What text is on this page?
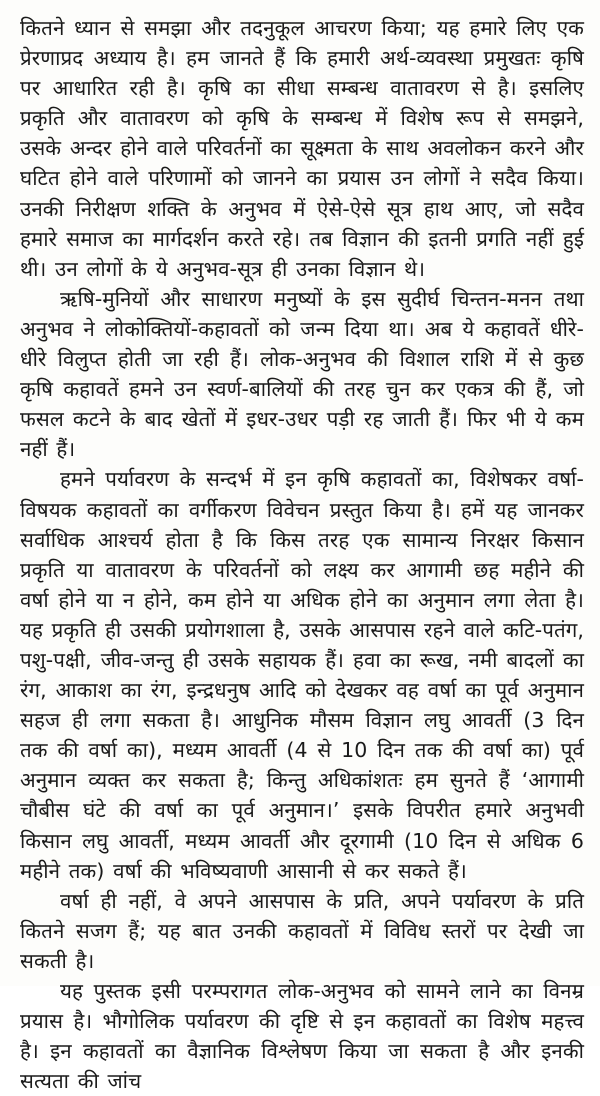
कितने ध्यान से समझा और तदनुकूल आचरण किया; यह हमारे लिए एक प्रेरणाप्रद अध्याय है। हम जानते हैं कि हमारी अर्थ-व्यवस्था प्रमुखतः कृषि पर आधारित रही है। कृषि का सीधा सम्बन्ध वातावरण से है। इसलिए प्रकृति और वातावरण को कृषि के सम्बन्ध में विशेष रूप से समझने, उसके अन्दर होने वाले परिवर्तनों का सूक्ष्मता के साथ अवलोकन करने और घटित होने वाले परिणामों को जानने का प्रयास उन लोगों ने सदैव किया। उनकी निरीक्षण शक्ति के अनुभव में ऐसे-ऐसे सूत्र हाथ आए, जो सदैव हमारे समाज का मार्गदर्शन करते रहे। तब विज्ञान की इतनी प्रगति नहीं हुई थी। उन लोगों के ये अनुभव-सूत्र ही उनका विज्ञान थे।

ऋषि-मुनियों और साधारण मनुष्यों के इस सुदीर्घ चिन्तन-मनन तथा अनुभव ने लोकोक्तियों-कहावतों को जन्म दिया था। अब ये कहावतें धीरे-धीरे विलुप्त होती जा रही हैं। लोक-अनुभव की विशाल राशि में से कुछ कृषि कहावतें हमने उन स्वर्ण-बालियों की तरह चुन कर एकत्र की हैं, जो फसल कटने के बाद खेतों में इधर-उधर पड़ी रह जाती हैं। फिर भी ये कम नहीं हैं।

हमने पर्यावरण के सन्दर्भ में इन कृषि कहावतों का, विशेषकर वर्षा-विषयक कहावतों का वर्गीकरण विवेचन प्रस्तुत किया है। हमें यह जानकर सर्वाधिक आश्चर्य होता है कि किस तरह एक सामान्य निरक्षर किसान प्रकृति या वातावरण के परिवर्तनों को लक्ष्य कर आगामी छह महीने की वर्षा होने या न होने, कम होने या अधिक होने का अनुमान लगा लेता है। यह प्रकृति ही उसकी प्रयोगशाला है, उसके आसपास रहने वाले कटि-पतंग, पशु-पक्षी, जीव-जन्तु ही उसके सहायक हैं। हवा का रूख, नमी बादलों का रंग, आकाश का रंग, इन्द्रधनुष आदि को देखकर वह वर्षा का पूर्व अनुमान सहज ही लगा सकता है। आधुनिक मौसम विज्ञान लघु आवर्ती (3 दिन तक की वर्षा का), मध्यम आवर्ती (4 से 10 दिन तक की वर्षा का) पूर्व अनुमान व्यक्त कर सकता है; किन्तु अधिकांशतः हम सुनते हैं ‘आगामी चौबीस घंटे की वर्षा का पूर्व अनुमान।’ इसके विपरीत हमारे अनुभवी किसान लघु आवर्ती, मध्यम आवर्ती और दूरगामी (10 दिन से अधिक 6 महीने तक) वर्षा की भविष्यवाणी आसानी से कर सकते हैं।

वर्षा ही नहीं, वे अपने आसपास के प्रति, अपने पर्यावरण के प्रति कितने सजग हैं; यह बात उनकी कहावतों में विविध स्तरों पर देखी जा सकती है।

यह पुस्तक इसी परम्परागत लोक-अनुभव को सामने लाने का विनम्र प्रयास है। भौगोलिक पर्यावरण की दृष्टि से इन कहावतों का विशेष महत्त्व है। इन कहावतों का वैज्ञानिक विश्लेषण किया जा सकता है और इनकी सत्यता की जांच
